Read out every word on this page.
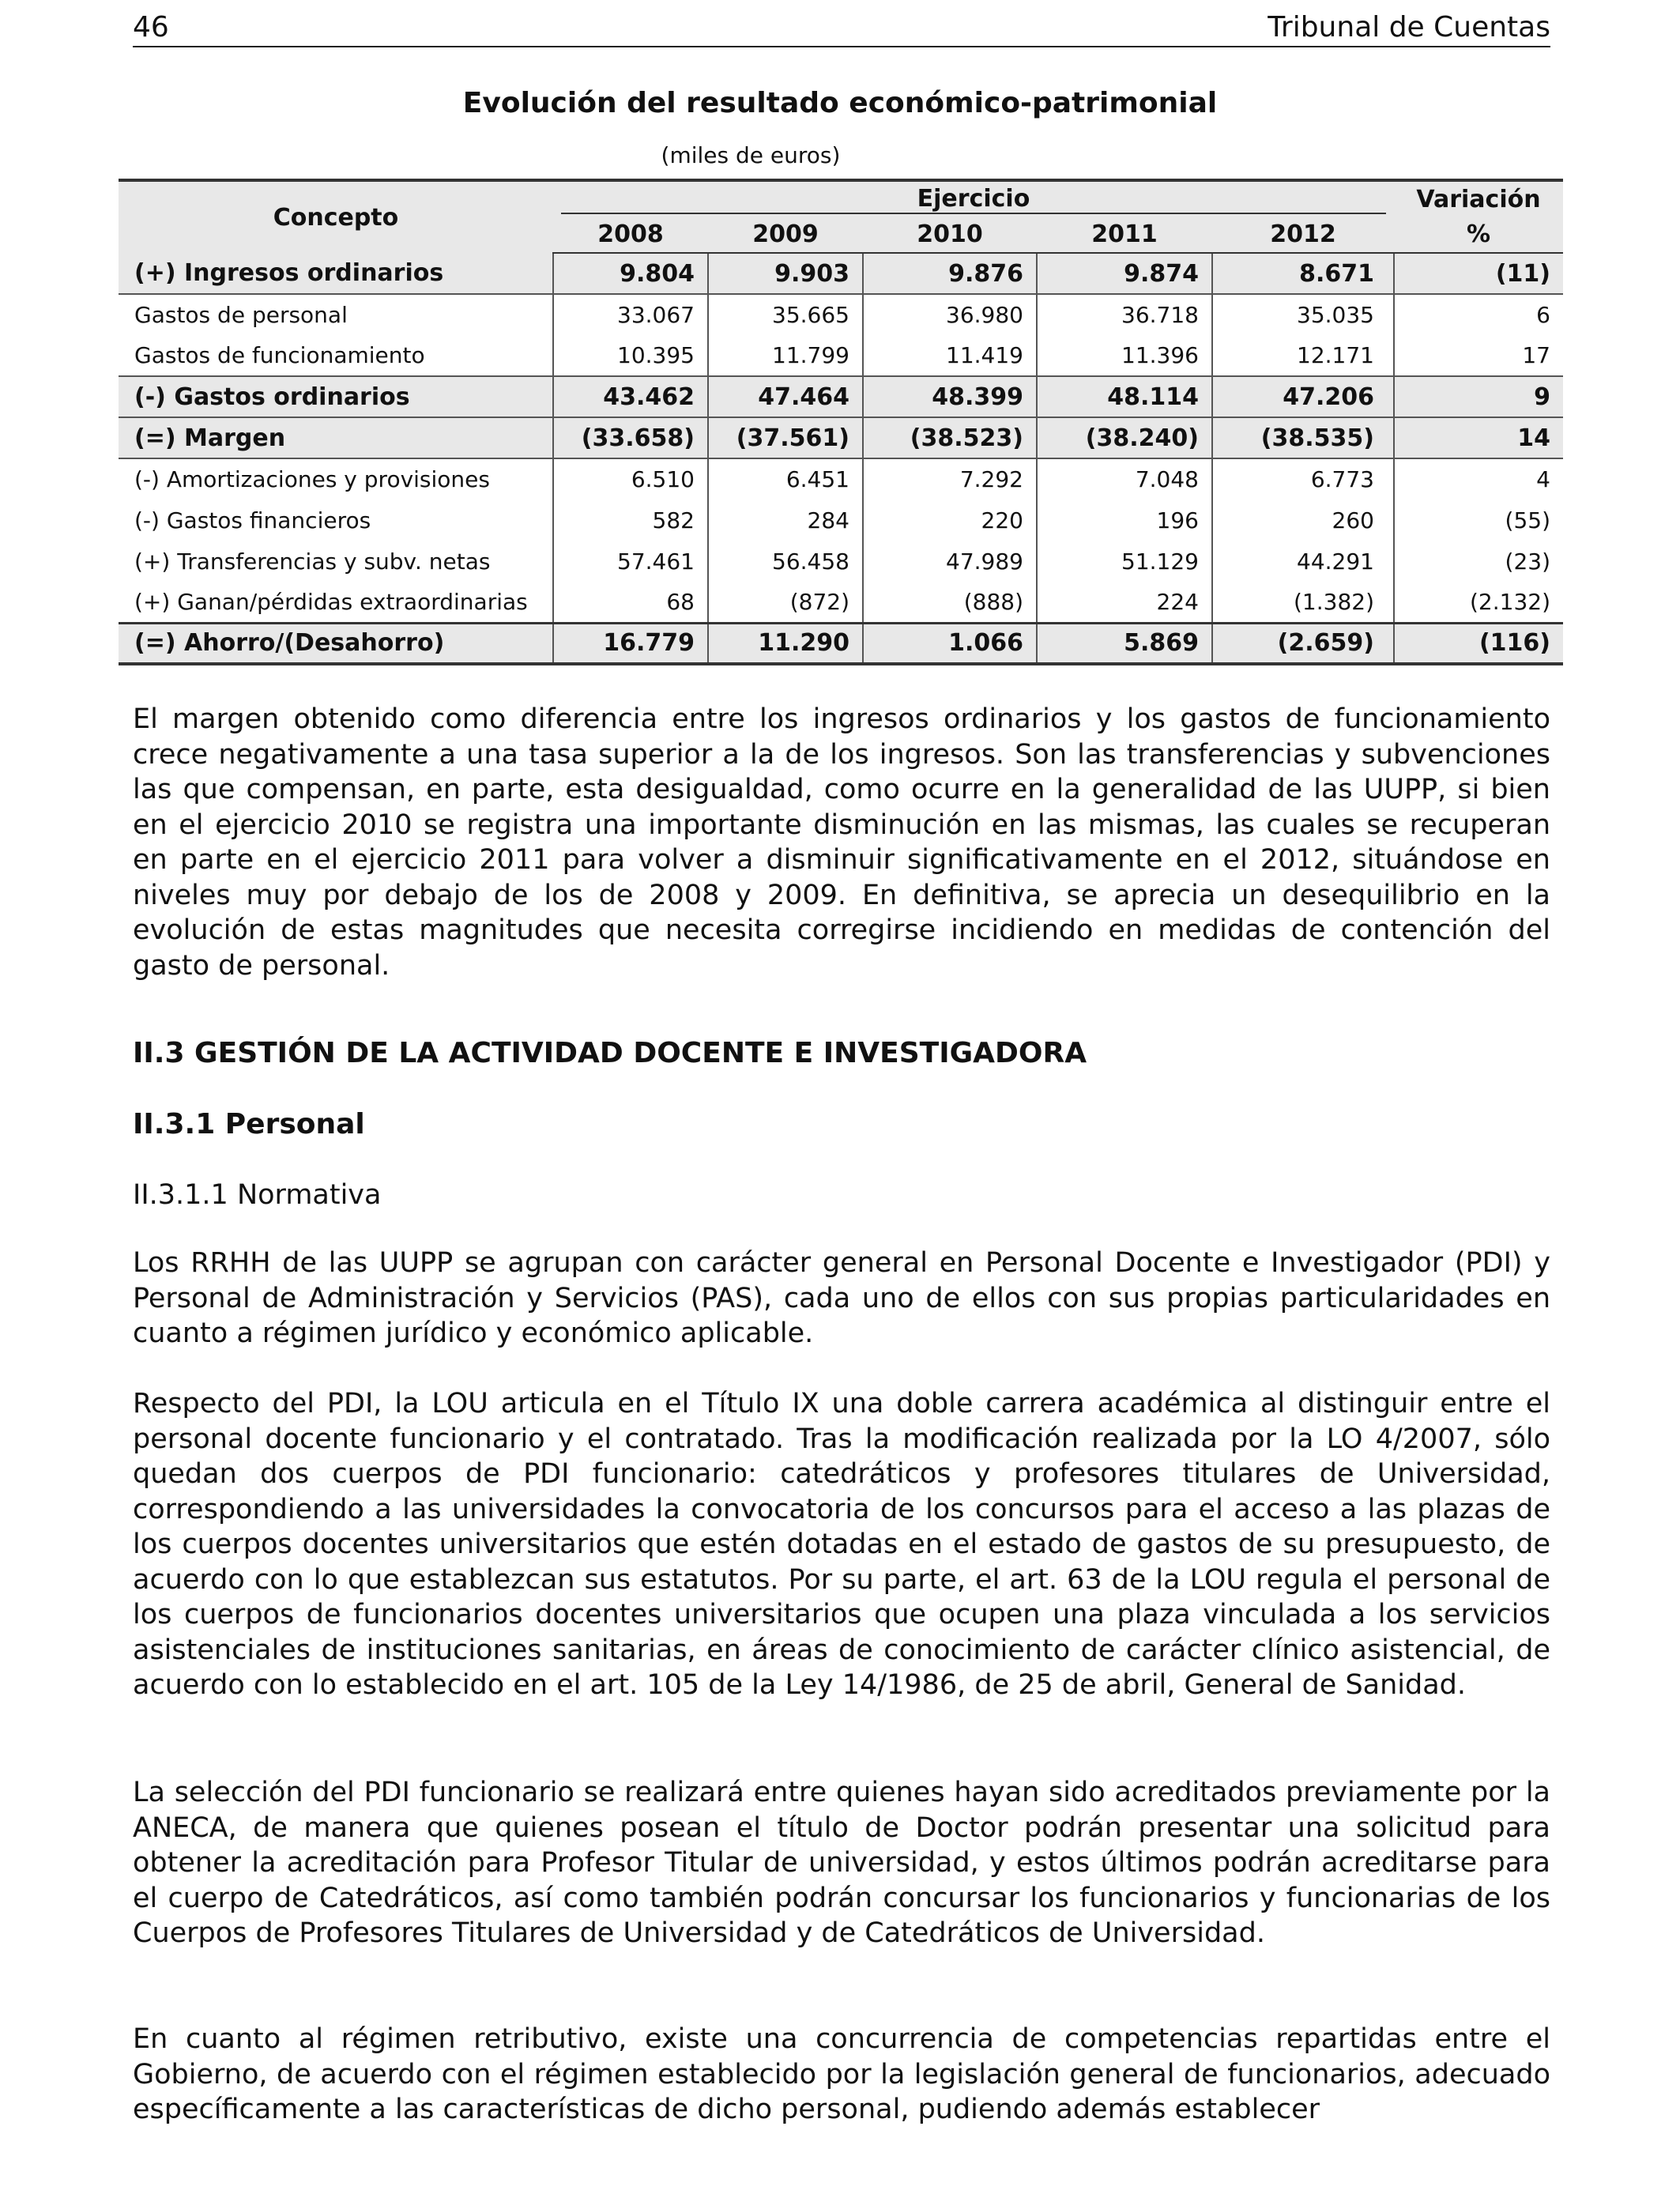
46	Tribunal de Cuentas
Evolución del resultado económico-patrimonial
(miles de euros)
Concepto	Ejercicio					Variación
	2008	2009	2010	2011	2012	%
(+) Ingresos ordinarios	9.804	9.903	9.876	9.874	8.671	(11)
Gastos de personal	33.067	35.665	36.980	36.718	35.035	6
Gastos de funcionamiento	10.395	11.799	11.419	11.396	12.171	17
(-) Gastos ordinarios	43.462	47.464	48.399	48.114	47.206	9
(=) Margen	(33.658)	(37.561)	(38.523)	(38.240)	(38.535)	14
(-) Amortizaciones y provisiones	6.510	6.451	7.292	7.048	6.773	4
(-) Gastos financieros	582	284	220	196	260	(55)
(+) Transferencias y subv. netas	57.461	56.458	47.989	51.129	44.291	(23)
(+) Ganan/pérdidas extraordinarias	68	(872)	(888)	224	(1.382)	(2.132)
(=) Ahorro/(Desahorro)	16.779	11.290	1.066	5.869	(2.659)	(116)

El margen obtenido como diferencia entre los ingresos ordinarios y los gastos de funcionamiento crece negativamente a una tasa superior a la de los ingresos. Son las transferencias y subvenciones las que compensan, en parte, esta desigualdad, como ocurre en la generalidad de las UUPP, si bien en el ejercicio 2010 se registra una importante disminución en las mismas, las cuales se recuperan en parte en el ejercicio 2011 para volver a disminuir significativamente en el 2012, situándose en niveles muy por debajo de los de 2008 y 2009. En definitiva, se aprecia un desequilibrio en la evolución de estas magnitudes que necesita corregirse incidiendo en medidas de contención del gasto de personal.

II.3 GESTIÓN DE LA ACTIVIDAD DOCENTE E INVESTIGADORA
II.3.1 Personal
II.3.1.1 Normativa

Los RRHH de las UUPP se agrupan con carácter general en Personal Docente e Investigador (PDI) y Personal de Administración y Servicios (PAS), cada uno de ellos con sus propias particularidades en cuanto a régimen jurídico y económico aplicable.

Respecto del PDI, la LOU articula en el Título IX una doble carrera académica al distinguir entre el personal docente funcionario y el contratado. Tras la modificación realizada por la LO 4/2007, sólo quedan dos cuerpos de PDI funcionario: catedráticos y profesores titulares de Universidad, correspondiendo a las universidades la convocatoria de los concursos para el acceso a las plazas de los cuerpos docentes universitarios que estén dotadas en el estado de gastos de su presupuesto, de acuerdo con lo que establezcan sus estatutos. Por su parte, el art. 63 de la LOU regula el personal de los cuerpos de funcionarios docentes universitarios que ocupen una plaza vinculada a los servicios asistenciales de instituciones sanitarias, en áreas de conocimiento de carácter clínico asistencial, de acuerdo con lo establecido en el art. 105 de la Ley 14/1986, de 25 de abril, General de Sanidad.

La selección del PDI funcionario se realizará entre quienes hayan sido acreditados previamente por la ANECA, de manera que quienes posean el título de Doctor podrán presentar una solicitud para obtener la acreditación para Profesor Titular de universidad, y estos últimos podrán acreditarse para el cuerpo de Catedráticos, así como también podrán concursar los funcionarios y funcionarias de los Cuerpos de Profesores Titulares de Universidad y de Catedráticos de Universidad.

En cuanto al régimen retributivo, existe una concurrencia de competencias repartidas entre el Gobierno, de acuerdo con el régimen establecido por la legislación general de funcionarios, adecuado específicamente a las características de dicho personal, pudiendo además establecer
